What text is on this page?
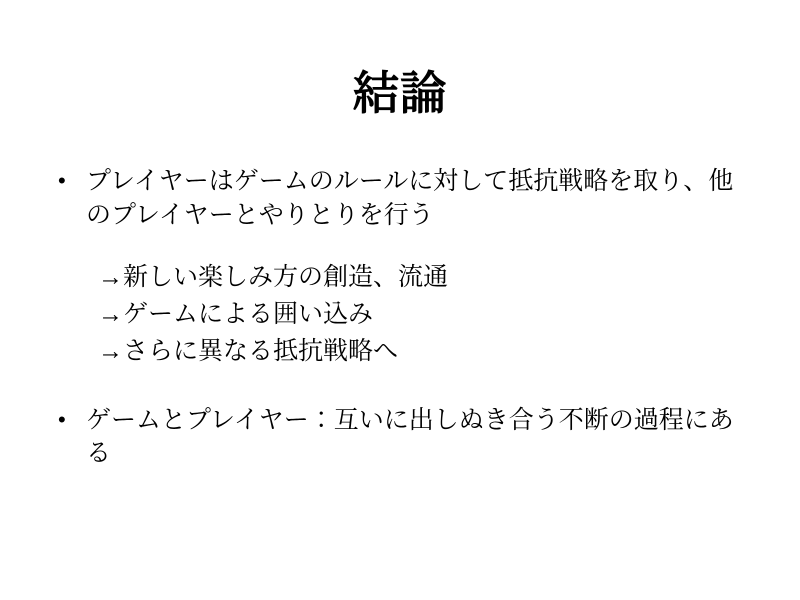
結論
• プレイヤーはゲームのルールに対して抵抗戦略を取り、他のプレイヤーとやりとりを行う
→新しい楽しみ方の創造、流通
→ゲームによる囲い込み
→さらに異なる抵抗戦略へ
• ゲームとプレイヤー：互いに出しぬき合う不断の過程にある
